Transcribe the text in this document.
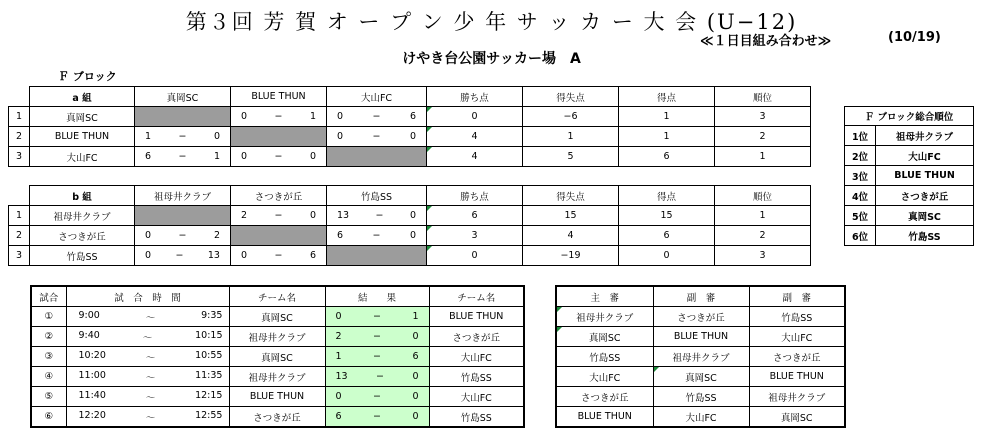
第３回 芳 賀 オ ー プ ン 少 年 サ ッ カ ー 大 会 (U−12)
≪１日目組み合わせ≫	(10/19)
けやき台公園サッカー場　A
Ｆ ブロック
	a 組	真岡SC	BLUE THUN	大山FC	勝ち点	得失点	得点	順位
1	真岡SC		0 − 1	0 − 6	0	−6	1	3
2	BLUE THUN	1 − 0		0 − 0	4	1	1	2
3	大山FC	6 − 1	0 − 0		4	5	6	1
	b 組	祖母井クラブ	さつきが丘	竹島SS	勝ち点	得失点	得点	順位
1	祖母井クラブ		2 − 0	13 − 0	6	15	15	1
2	さつきが丘	0 − 2		6 − 0	3	4	6	2
3	竹島SS	0 − 13	0 − 6		0	−19	0	3
Ｆ ブロック総合順位	
1位	祖母井クラブ
2位	大山FC
3位	BLUE THUN
4位	さつきが丘
5位	真岡SC
6位	竹島SS
試合	試　合　時　間	チーム名	結　　果	チーム名
①	9:00 〜 9:35	真岡SC	0 − 1	BLUE THUN
②	9:40 〜 10:15	祖母井クラブ	2 − 0	さつきが丘
③	10:20 〜 10:55	真岡SC	1 − 6	大山FC
④	11:00 〜 11:35	祖母井クラブ	13 − 0	竹島SS
⑤	11:40 〜 12:15	BLUE THUN	0 − 0	大山FC
⑥	12:20 〜 12:55	さつきが丘	6 − 0	竹島SS
主　審	副　審	副　審
祖母井クラブ	さつきが丘	竹島SS
真岡SC	BLUE THUN	大山FC
竹島SS	祖母井クラブ	さつきが丘
大山FC	真岡SC	BLUE THUN
さつきが丘	竹島SS	祖母井クラブ
BLUE THUN	大山FC	真岡SC
